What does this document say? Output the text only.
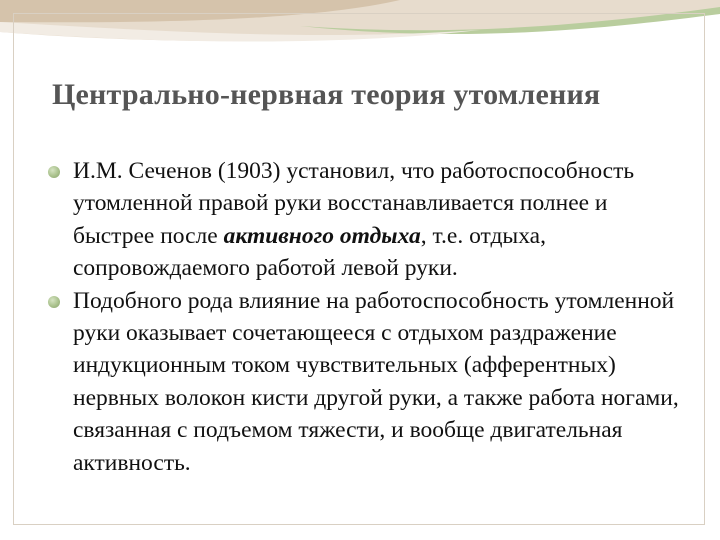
Центрально-нервная теория утомления
И.М. Сеченов (1903) установил, что работоспособность утомленной правой руки восстанавливается полнее и быстрее после активного отдыха, т.е. отдыха, сопровождаемого работой левой руки.
Подобного рода влияние на работоспособность утомленной руки оказывает сочетающееся с отдыхом раздражение индукционным током чувствительных (афферентных) нервных волокон кисти другой руки, а также работа ногами, связанная с подъемом тяжести, и вообще двигательная активность.
